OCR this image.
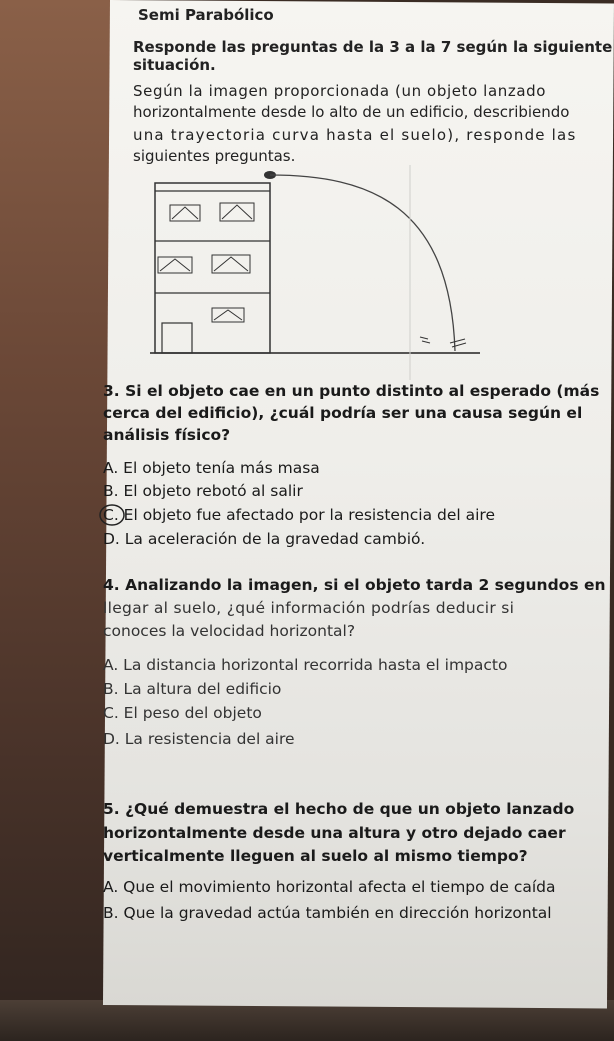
Semi Parabólico
Responde las preguntas de la 3 a la 7 según la siguiente
situación.
Según la imagen proporcionada (un objeto lanzado
horizontalmente desde lo alto de un edificio, describiendo
una trayectoria curva hasta el suelo), responde las
siguientes preguntas.
3. Si el objeto cae en un punto distinto al esperado (más
cerca del edificio), ¿cuál podría ser una causa según el
análisis físico?
A. El objeto tenía más masa
B. El objeto rebotó al salir
C. El objeto fue afectado por la resistencia del aire
D. La aceleración de la gravedad cambió.
4. Analizando la imagen, si el objeto tarda 2 segundos en
llegar al suelo, ¿qué información podrías deducir si
conoces la velocidad horizontal?
A. La distancia horizontal recorrida hasta el impacto
B. La altura del edificio
C. El peso del objeto
D. La resistencia del aire
5. ¿Qué demuestra el hecho de que un objeto lanzado
horizontalmente desde una altura y otro dejado caer
verticalmente lleguen al suelo al mismo tiempo?
A. Que el movimiento horizontal afecta el tiempo de caída
B. Que la gravedad actúa también en dirección horizontal
